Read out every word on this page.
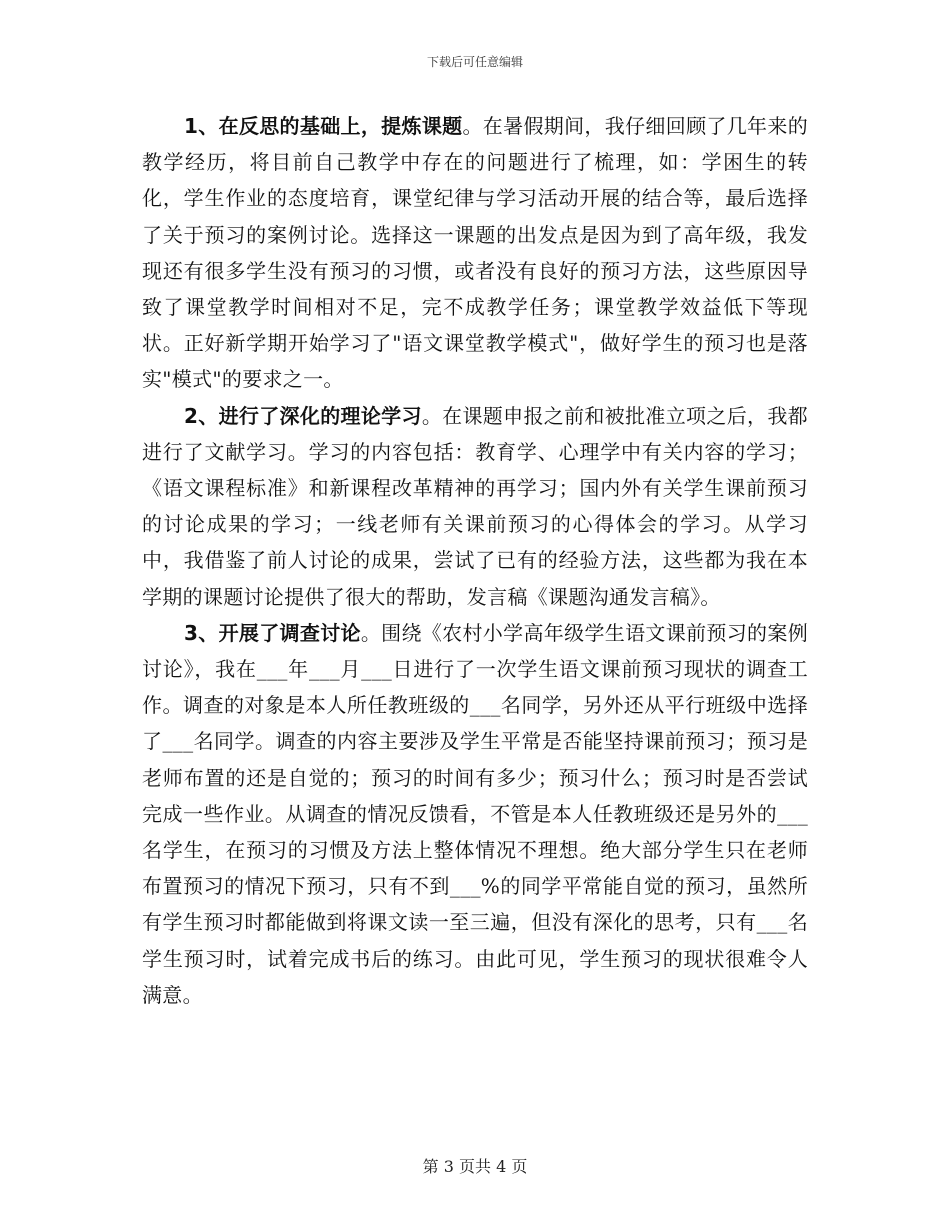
下载后可任意编辑

1、在反思的基础上，提炼课题。在暑假期间，我仔细回顾了几年来的教学经历，将目前自己教学中存在的问题进行了梳理，如：学困生的转化，学生作业的态度培育，课堂纪律与学习活动开展的结合等，最后选择了关于预习的案例讨论。选择这一课题的出发点是因为到了高年级，我发现还有很多学生没有预习的习惯，或者没有良好的预习方法，这些原因导致了课堂教学时间相对不足，完不成教学任务；课堂教学效益低下等现状。正好新学期开始学习了"语文课堂教学模式"，做好学生的预习也是落实"模式"的要求之一。

2、进行了深化的理论学习。在课题申报之前和被批准立项之后，我都进行了文献学习。学习的内容包括：教育学、心理学中有关内容的学习；《语文课程标准》和新课程改革精神的再学习；国内外有关学生课前预习的讨论成果的学习；一线老师有关课前预习的心得体会的学习。从学习中，我借鉴了前人讨论的成果，尝试了已有的经验方法，这些都为我在本学期的课题讨论提供了很大的帮助，发言稿《课题沟通发言稿》。

3、开展了调查讨论。围绕《农村小学高年级学生语文课前预习的案例讨论》，我在___年___月___日进行了一次学生语文课前预习现状的调查工作。调查的对象是本人所任教班级的___名同学，另外还从平行班级中选择了___名同学。调查的内容主要涉及学生平常是否能坚持课前预习；预习是老师布置的还是自觉的；预习的时间有多少；预习什么；预习时是否尝试完成一些作业。从调查的情况反馈看，不管是本人任教班级还是另外的___名学生，在预习的习惯及方法上整体情况不理想。绝大部分学生只在老师布置预习的情况下预习，只有不到___%的同学平常能自觉的预习，虽然所有学生预习时都能做到将课文读一至三遍，但没有深化的思考，只有___名学生预习时，试着完成书后的练习。由此可见，学生预习的现状很难令人满意。

第 3 页共 4 页
